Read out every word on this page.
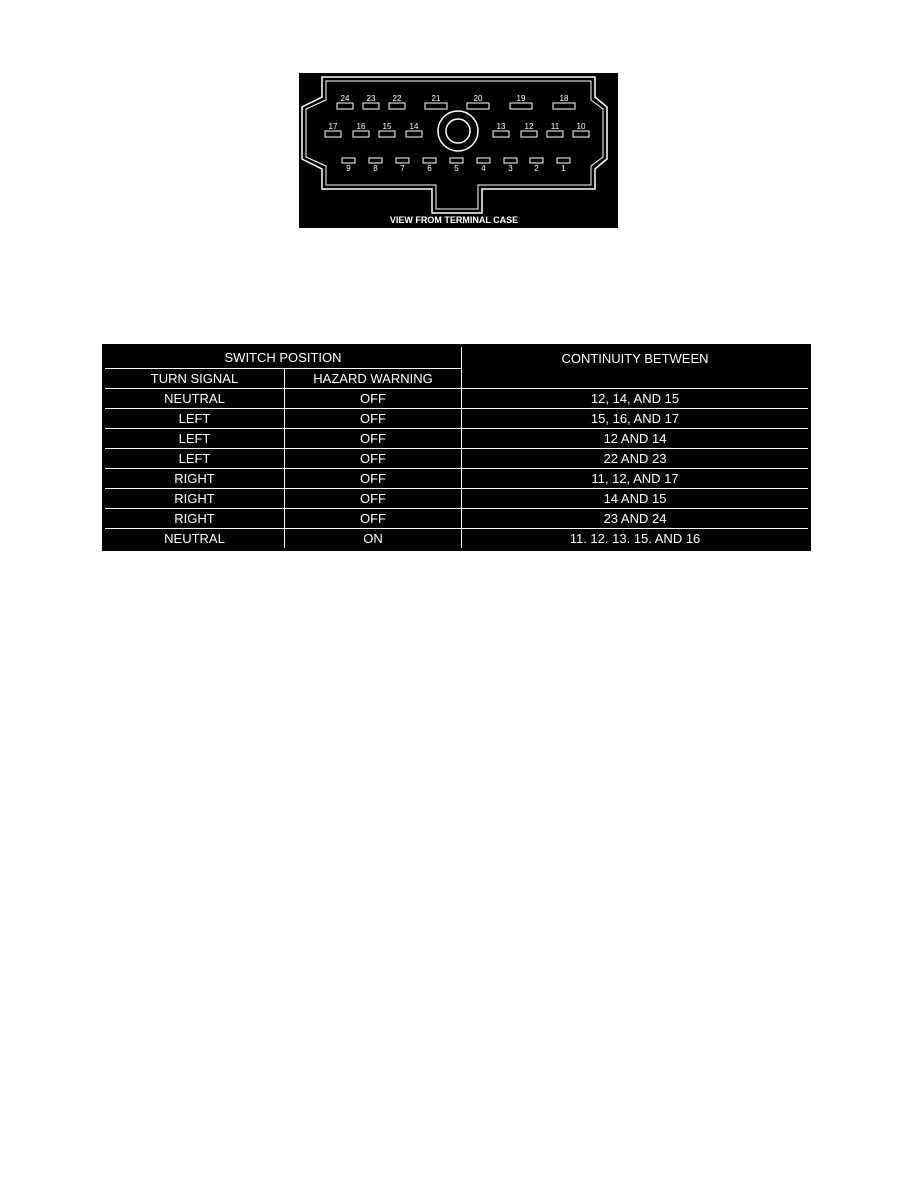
24 23 22	21	20	19	18
17 16 15 14	13 12 11 10
9	8	7	6	5	4	3	2	1
VIEW FROM TERMINAL CASE
SWITCH POSITION		CONTINUITY BETWEEN
TURN SIGNAL	HAZARD WARNING	
NEUTRAL	OFF	12, 14, AND 15
LEFT	OFF	15, 16, AND 17
LEFT	OFF	12 AND 14
LEFT	OFF	22 AND 23
RIGHT	OFF	11, 12, AND 17
RIGHT	OFF	14 AND 15
RIGHT	OFF	23 AND 24
NEUTRAL	ON	11. 12. 13. 15. AND 16
